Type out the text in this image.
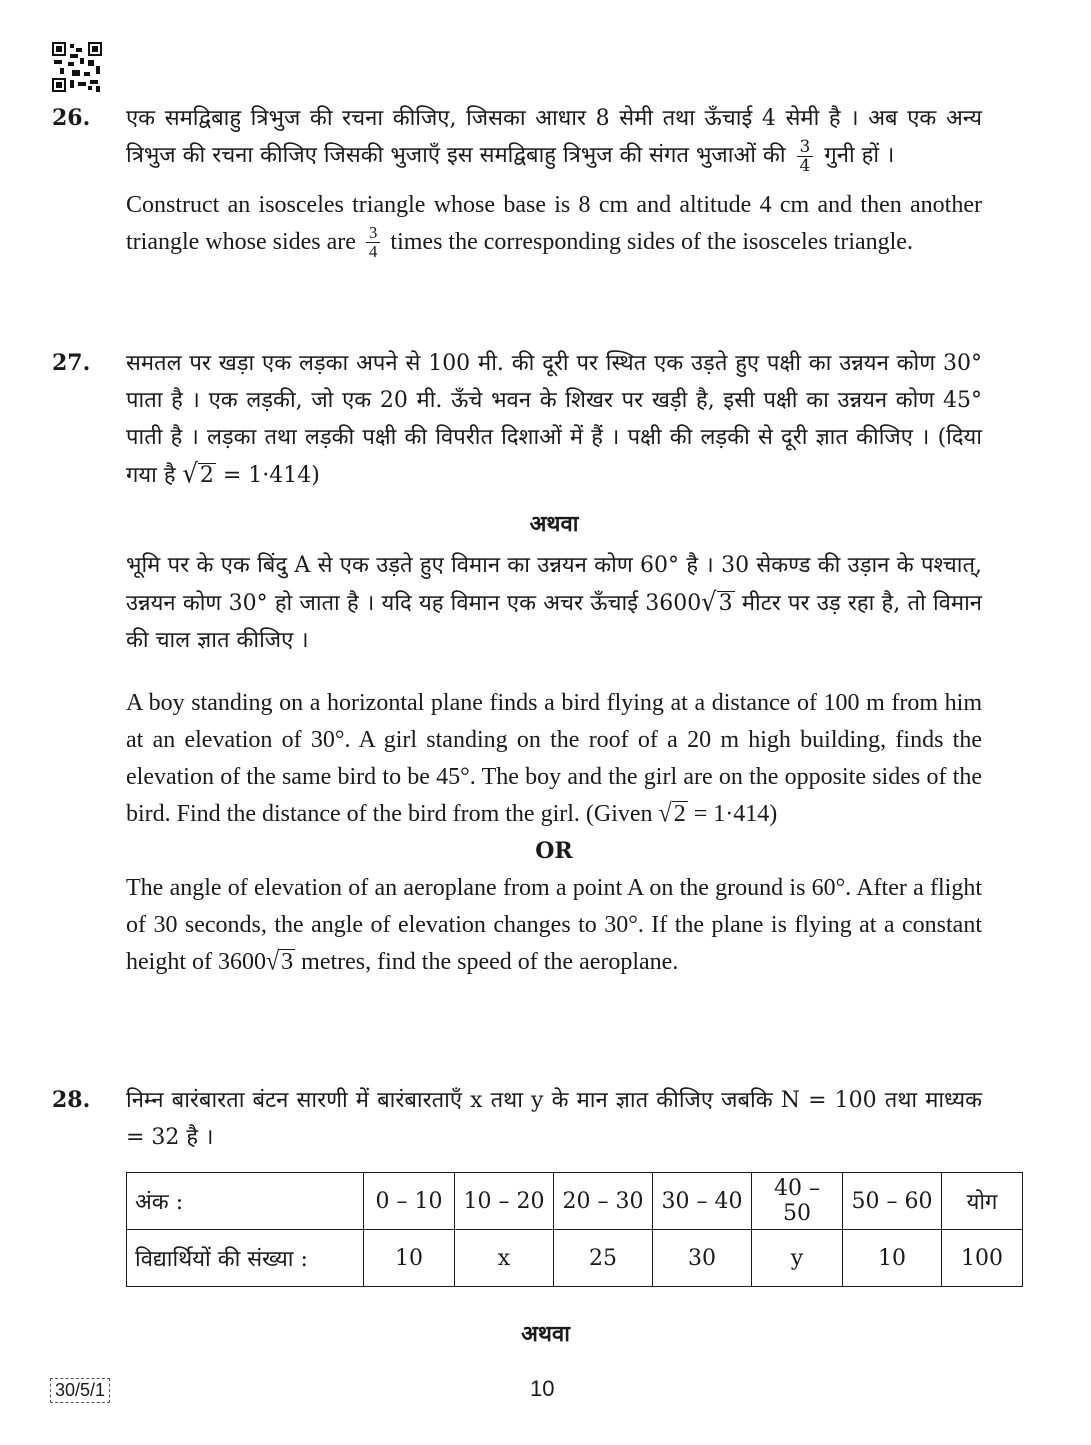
26. एक समद्विबाहु त्रिभुज की रचना कीजिए, जिसका आधार 8 सेमी तथा ऊँचाई 4 सेमी है । अब एक अन्य त्रिभुज की रचना कीजिए जिसकी भुजाएँ इस समद्विबाहु त्रिभुज की संगत भुजाओं की $\frac{3}{4}$ गुनी हों ।

Construct an isosceles triangle whose base is 8 cm and altitude 4 cm and then another triangle whose sides are $\frac{3}{4}$ times the corresponding sides of the isosceles triangle.

27. समतल पर खड़ा एक लड़का अपने से 100 मी. की दूरी पर स्थित एक उड़ते हुए पक्षी का उन्नयन कोण 30° पाता है । एक लड़की, जो एक 20 मी. ऊँचे भवन के शिखर पर खड़ी है, इसी पक्षी का उन्नयन कोण 45° पाती है । लड़का तथा लड़की पक्षी की विपरीत दिशाओं में हैं । पक्षी की लड़की से दूरी ज्ञात कीजिए । (दिया गया है √2 = 1·414)

अथवा

भूमि पर के एक बिंदु A से एक उड़ते हुए विमान का उन्नयन कोण 60° है । 30 सेकण्ड की उड़ान के पश्चात्, उन्नयन कोण 30° हो जाता है । यदि यह विमान एक अचर ऊँचाई 3600√3 मीटर पर उड़ रहा है, तो विमान की चाल ज्ञात कीजिए ।

A boy standing on a horizontal plane finds a bird flying at a distance of 100 m from him at an elevation of 30°. A girl standing on the roof of a 20 m high building, finds the elevation of the same bird to be 45°. The boy and the girl are on the opposite sides of the bird. Find the distance of the bird from the girl. (Given √2 = 1·414)

OR

The angle of elevation of an aeroplane from a point A on the ground is 60°. After a flight of 30 seconds, the angle of elevation changes to 30°. If the plane is flying at a constant height of 3600√3 metres, find the speed of the aeroplane.

28. निम्न बारंबारता बंटन सारणी में बारंबारताएँ x तथा y के मान ज्ञात कीजिए जबकि N = 100 तथा माध्यक = 32 है ।

अंक :	0 – 10	10 – 20	20 – 30	30 – 40	40 – 50	50 – 60	योग
विद्यार्थियों की संख्या :	10	x	25	30	y	10	100
अथवा
30/5/1	10
